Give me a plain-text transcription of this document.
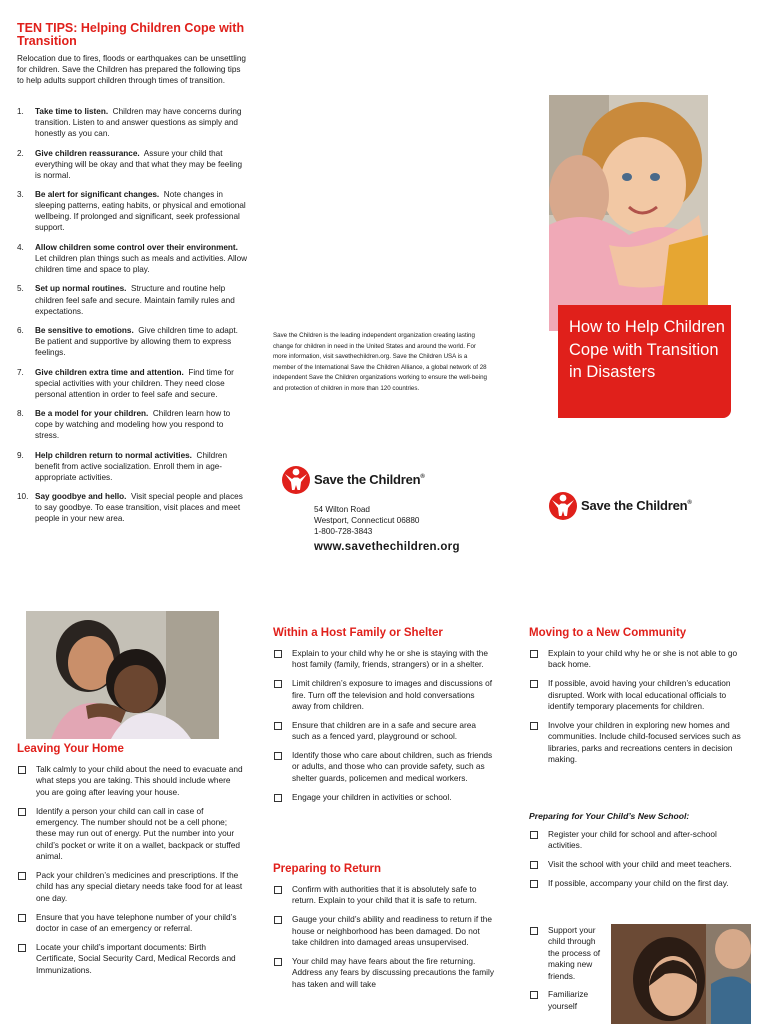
TEN TIPS: Helping Children Cope with Transition
Relocation due to fires, floods or earthquakes can be unsettling for children. Save the Children has prepared the following tips to help adults support children through times of transition.
1. Take time to listen. Children may have concerns during transition. Listen to and answer questions as simply and honestly as you can.
2. Give children reassurance. Assure your child that everything will be okay and that what they may be feeling is normal.
3. Be alert for significant changes. Note changes in sleeping patterns, eating habits, or physical and emotional wellbeing. If prolonged and significant, seek professional support.
4. Allow children some control over their environment.  Let children plan things such as meals and activities. Allow children time and space to play.
5. Set up normal routines. Structure and routine help children feel safe and secure. Maintain family rules and expectations.
6. Be sensitive to emotions. Give children time to adapt. Be patient and supportive by allowing them to express feelings.
7. Give children extra time and attention. Find time for special activities with your children. They need close personal attention in order to feel safe and secure.
8. Be a model for your children. Children learn how to cope by watching and modeling how you respond to stress.
9. Help children return to normal activities. Children benefit from active socialization. Enroll them in age-appropriate activities.
10. Say goodbye and hello. Visit special people and places to say goodbye. To ease transition, visit places and meet people in your new area.
Save the Children is the leading independent organization creating lasting change for children in need in the United States and around the world. For more information, visit savethechildren.org. Save the Children USA is a member of the International Save the Children Alliance, a global network of 28 independent Save the Children organizations working to ensure the well-being and protection of children in more than 120 countries.
Save the Children ®
54 Wilton Road
Westport, Connecticut 06880
1-800-728-3843
www.savethechildren.org
How to Help Children Cope with Transition in Disasters
Save the Children ®
Leaving Your Home
Talk calmly to your child about the need to evacuate and what steps you are taking. This should include where you are going after leaving your house.
Identify a person your child can call in case of emergency. The number should not be a cell phone; these may run out of energy. Put the number into your child’s pocket or write it on a wallet, backpack or stuffed animal.
Pack your children’s medicines and prescriptions. If the child has any special dietary needs take food for at least one day.
Ensure that you have telephone number of your child’s doctor in case of an emergency or referral.
Locate your child’s important documents: Birth Certificate, Social Security Card, Medical Records and Immunizations.
Within a Host Family or Shelter
Explain to your child why he or she is staying with the host family (family, friends, strangers) or in a shelter.
Limit children’s exposure to images and discussions of fire. Turn off the television and hold conversations away from children.
Ensure that children are in a safe and secure area such as a fenced yard, playground or school.
Identify those who care about children, such as friends or adults, and those who can provide safety, such as shelter guards, policemen and medical workers.
Engage your children in activities or school.
Preparing to Return
Confirm with authorities that it is absolutely safe to return. Explain to your child that it is safe to return.
Gauge your child’s ability and readiness to return if the house or neighborhood has been damaged. Do not take children into damaged areas unsupervised.
Your child may have fears about the fire returning. Address any fears by discussing precautions the family has taken and will take
Moving to a New Community
Explain to your child why he or she is not able to go back home.
If possible, avoid having your children’s education disrupted. Work with local educational officials to identify temporary placements for children.
Involve your children in exploring new homes and communities. Include child-focused services such as libraries, parks and recreations centers in decision making.
Preparing for Your Child’s New School:
Register your child for school and after-school activities.
Visit the school with your child and meet teachers.
If possible, accompany your child on the first day.
Support your child through the process of making new friends.
Familiarize yourself
